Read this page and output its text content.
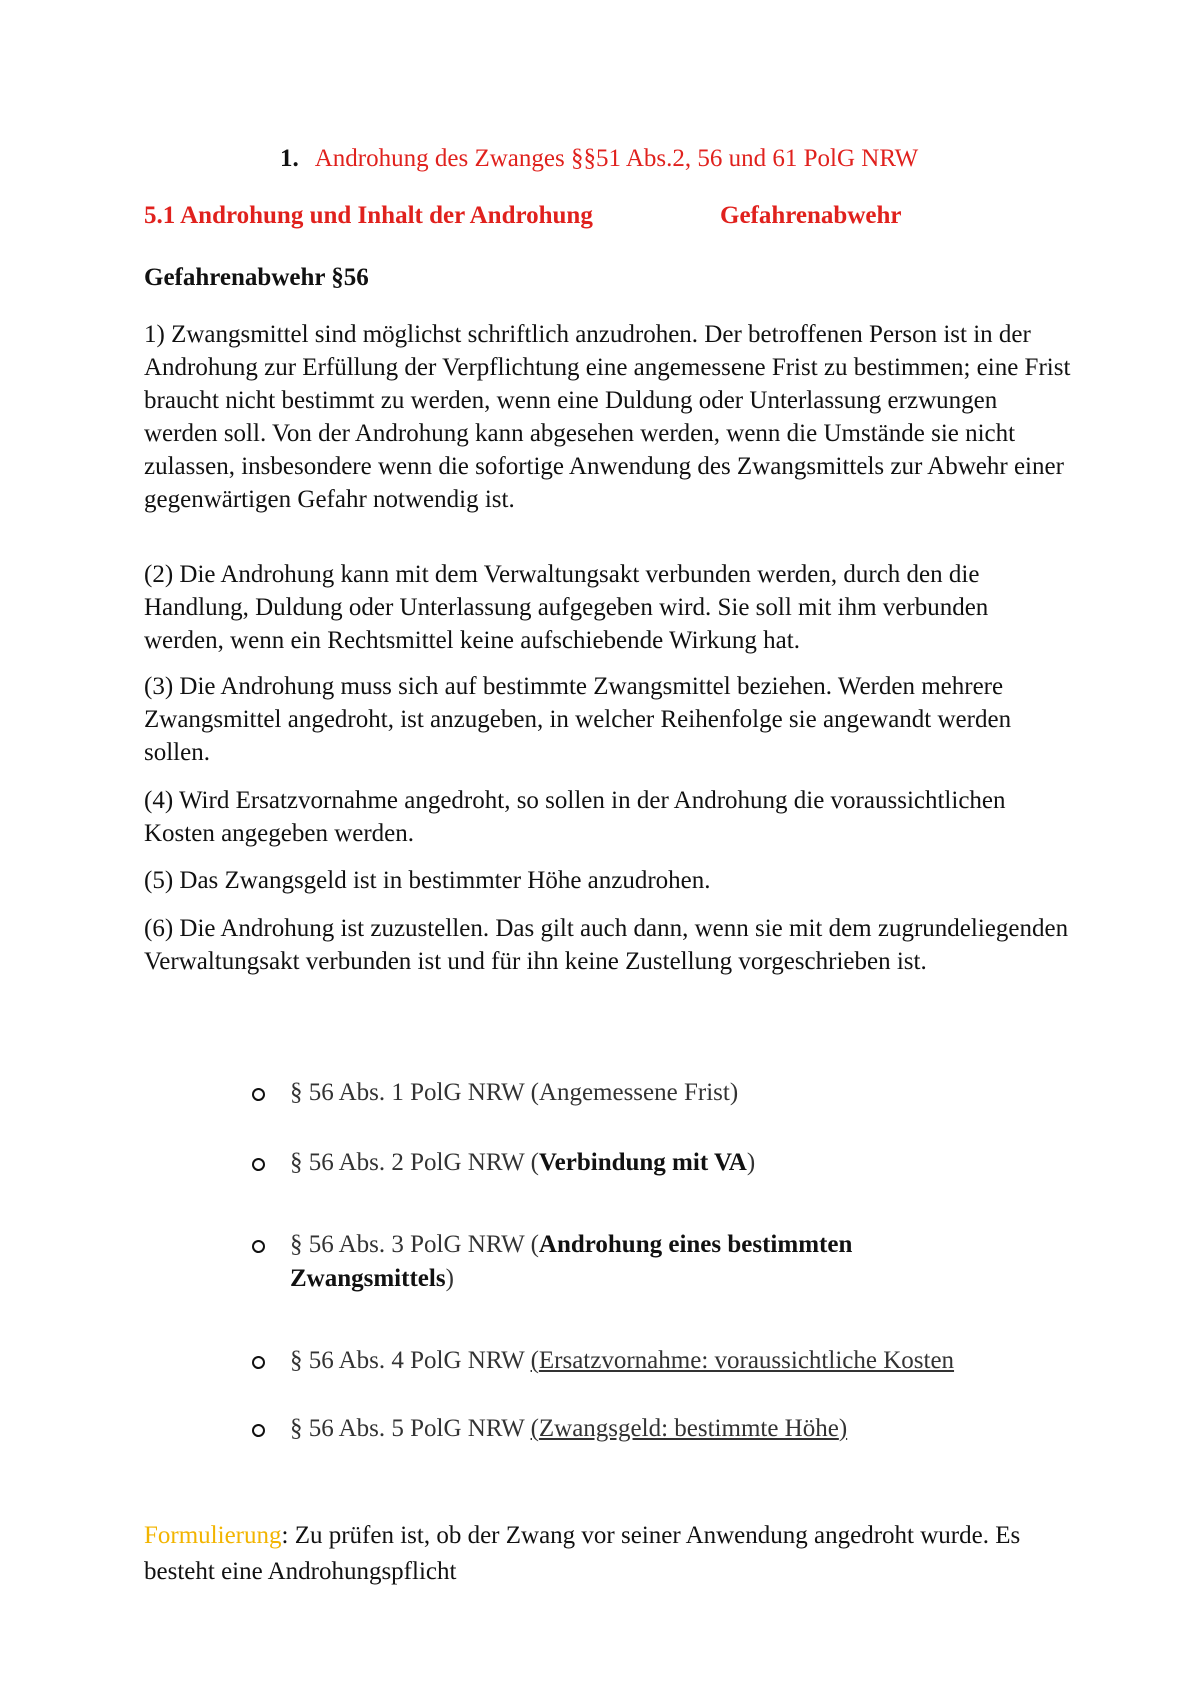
1. Androhung des Zwanges §§51 Abs.2, 56 und 61 PolG NRW
5.1 Androhung und Inhalt der Androhung	Gefahrenabwehr
Gefahrenabwehr §56

1) Zwangsmittel sind möglichst schriftlich anzudrohen. Der betroffenen Person ist in der Androhung zur Erfüllung der Verpflichtung eine angemessene Frist zu bestimmen; eine Frist braucht nicht bestimmt zu werden, wenn eine Duldung oder Unterlassung erzwungen werden soll. Von der Androhung kann abgesehen werden, wenn die Umstände sie nicht zulassen, insbesondere wenn die sofortige Anwendung des Zwangsmittels zur Abwehr einer gegenwärtigen Gefahr notwendig ist.

(2) Die Androhung kann mit dem Verwaltungsakt verbunden werden, durch den die Handlung, Duldung oder Unterlassung aufgegeben wird. Sie soll mit ihm verbunden werden, wenn ein Rechtsmittel keine aufschiebende Wirkung hat.

(3) Die Androhung muss sich auf bestimmte Zwangsmittel beziehen. Werden mehrere Zwangsmittel angedroht, ist anzugeben, in welcher Reihenfolge sie angewandt werden sollen.

(4) Wird Ersatzvornahme angedroht, so sollen in der Androhung die voraussichtlichen Kosten angegeben werden.

(5) Das Zwangsgeld ist in bestimmter Höhe anzudrohen.

(6) Die Androhung ist zuzustellen. Das gilt auch dann, wenn sie mit dem zugrundeliegenden Verwaltungsakt verbunden ist und für ihn keine Zustellung vorgeschrieben ist.

§ 56 Abs. 1 PolG NRW (Angemessene Frist)
§ 56 Abs. 2 PolG NRW (Verbindung mit VA)
§ 56 Abs. 3 PolG NRW (Androhung eines bestimmten
Zwangsmittels)
§ 56 Abs. 4 PolG NRW (Ersatzvornahme: voraussichtliche Kosten
§ 56 Abs. 5 PolG NRW (Zwangsgeld: bestimmte Höhe)
Formulierung: Zu prüfen ist, ob der Zwang vor seiner Anwendung angedroht wurde. Es besteht eine Androhungspflicht
